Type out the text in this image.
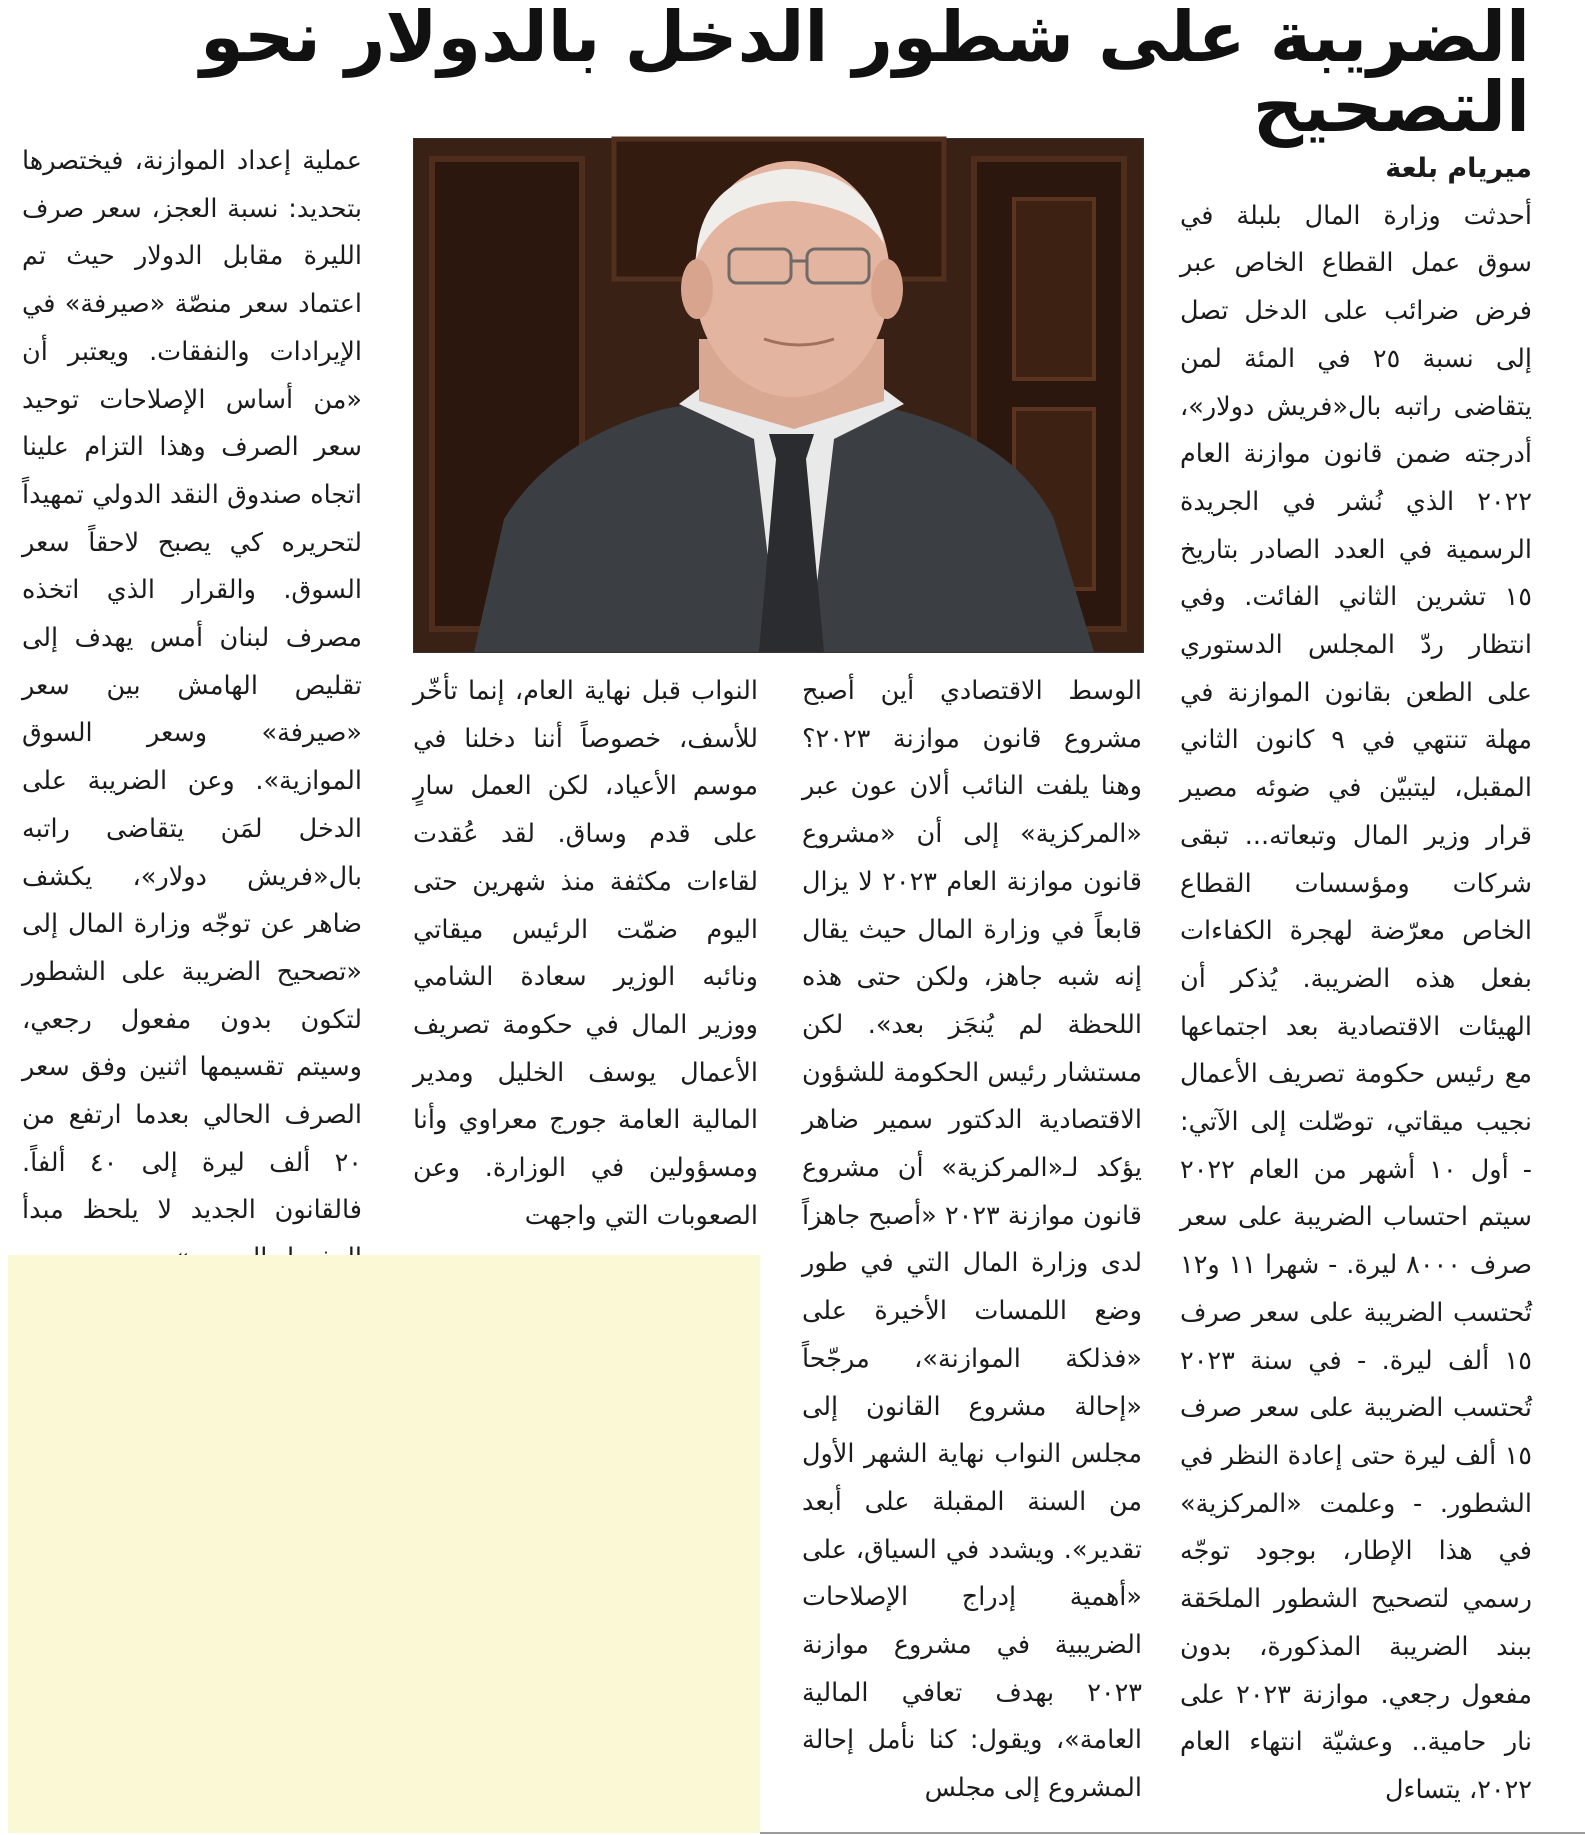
الضريبة على شطور الدخل بالدولار نحو التصحيح

ميريام بلعة

أحدثت وزارة المال بلبلة في سوق عمل القطاع الخاص عبر فرض ضرائب على الدخل تصل إلى نسبة ٢٥ في المئة لمن يتقاضى راتبه بال«فريش دولار»، أدرجته ضمن قانون موازنة العام ٢٠٢٢ الذي نُشر في الجريدة الرسمية في العدد الصادر بتاريخ ١٥ تشرين الثاني الفائت. وفي انتظار ردّ المجلس الدستوري على الطعن بقانون الموازنة في مهلة تنتهي في ٩ كانون الثاني المقبل، ليتبيّن في ضوئه مصير قرار وزير المال وتبعاته... تبقى شركات ومؤسسات القطاع الخاص معرّضة لهجرة الكفاءات بفعل هذه الضريبة. يُذكر أن الهيئات الاقتصادية بعد اجتماعها مع رئيس حكومة تصريف الأعمال نجيب ميقاتي، توصّلت إلى الآتي: - أول ١٠ أشهر من العام ٢٠٢٢ سيتم احتساب الضريبة على سعر صرف ٨٠٠٠ ليرة. - شهرا ١١ و١٢ تُحتسب الضريبة على سعر صرف ١٥ ألف ليرة. - في سنة ٢٠٢٣ تُحتسب الضريبة على سعر صرف ١٥ ألف ليرة حتى إعادة النظر في الشطور. - وعلمت «المركزية» في هذا الإطار، بوجود توجّه رسمي لتصحيح الشطور الملحَقة ببند الضريبة المذكورة، بدون مفعول رجعي. موازنة ٢٠٢٣ على نار حامية.. وعشيّة انتهاء العام ٢٠٢٢، يتساءل

الوسط الاقتصادي أين أصبح مشروع قانون موازنة ٢٠٢٣؟ وهنا يلفت النائب ألان عون عبر «المركزية» إلى أن «مشروع قانون موازنة العام ٢٠٢٣ لا يزال قابعاً في وزارة المال حيث يقال إنه شبه جاهز، ولكن حتى هذه اللحظة لم يُنجَز بعد». لكن مستشار رئيس الحكومة للشؤون الاقتصادية الدكتور سمير ضاهر يؤكد لـ«المركزية» أن مشروع قانون موازنة ٢٠٢٣ «أصبح جاهزاً لدى وزارة المال التي في طور وضع اللمسات الأخيرة على «فذلكة الموازنة»، مرجّحاً «إحالة مشروع القانون إلى مجلس النواب نهاية الشهر الأول من السنة المقبلة على أبعد تقدير». ويشدد في السياق، على «أهمية إدراج الإصلاحات الضريبية في مشروع موازنة ٢٠٢٣ بهدف تعافي المالية العامة»، ويقول: كنا نأمل إحالة المشروع إلى مجلس

النواب قبل نهاية العام، إنما تأخّر للأسف، خصوصاً أننا دخلنا في موسم الأعياد، لكن العمل سارٍ على قدم وساق. لقد عُقدت لقاءات مكثفة منذ شهرين حتى اليوم ضمّت الرئيس ميقاتي ونائبه الوزير سعادة الشامي ووزير المال في حكومة تصريف الأعمال يوسف الخليل ومدير المالية العامة جورج معراوي وأنا ومسؤولين في الوزارة. وعن الصعوبات التي واجهت

عملية إعداد الموازنة، فيختصرها بتحديد: نسبة العجز، سعر صرف الليرة مقابل الدولار حيث تم اعتماد سعر منصّة «صيرفة» في الإيرادات والنفقات. ويعتبر أن «من أساس الإصلاحات توحيد سعر الصرف وهذا التزام علينا اتجاه صندوق النقد الدولي تمهيداً لتحريره كي يصبح لاحقاً سعر السوق. والقرار الذي اتخذه مصرف لبنان أمس يهدف إلى تقليص الهامش بين سعر «صيرفة» وسعر السوق الموازية». وعن الضريبة على الدخل لمَن يتقاضى راتبه بال«فريش دولار»، يكشف ضاهر عن توجّه وزارة المال إلى «تصحيح الضريبة على الشطور لتكون بدون مفعول رجعي، وسيتم تقسيمها اثنين وفق سعر الصرف الحالي بعدما ارتفع من ٢٠ ألف ليرة إلى ٤٠ ألفاً. فالقانون الجديد لا يلحظ مبدأ
